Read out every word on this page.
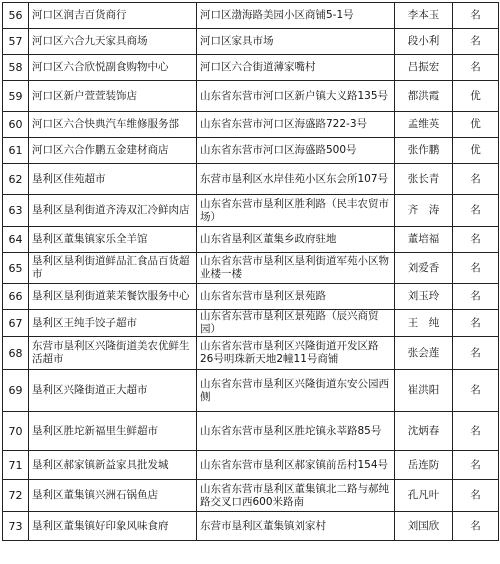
56	河口区润吉百货商行	河口区渤海路美园小区商铺5-1号	李本玉	名
57	河口区六合九天家具商场	河口区家具市场	段小利	名
58	河口区六合欣悦副食购物中心	河口区六合街道薄家嘴村	吕振宏	名
59	河口区新户萱萱装饰店	山东省东营市河口区新户镇大义路135号	都洪霞	优
60	河口区六合快典汽车维修服务部	山东省东营市河口区海盛路722-3号	孟维英	优
61	河口区六合作鹏五金建材商店	山东省东营市河口区海盛路500号	张作鹏	优
62	垦利区佳苑超市	东营市垦利区水岸佳苑小区东会所107号	张长青	名
63	垦利区垦利街道齐涛双汇冷鲜肉店	山东省东营市垦利区胜利路（民丰农贸市场）	齐　涛	名
64	垦利区董集镇家乐全羊馆	山东省垦利区董集乡政府驻地	董培福	名
65	垦利区垦利街道鲜品汇食品百货超市	山东省东营市垦利区垦利街道军苑小区物业楼一楼	刘爱香	名
66	垦利区垦利街道莱茉餐饮服务中心	山东省东营市垦利区景苑路	刘玉玲	名
67	垦利区王纯手饺子超市	山东省东营市垦利区景苑路（辰兴商贸园）	王　纯	名
68	东营市垦利区兴隆街道美农优鲜生活超市	山东省东营市垦利区兴隆街道开发区路26号明珠新天地2幢11号商铺	张会莲	名
69	垦利区兴隆街道正大超市	山东省东营市垦利区兴隆街道东安公园西侧	崔洪阳	名
70	垦利区胜坨新福里生鲜超市	山东省东营市垦利区胜坨镇永莘路85号	沈炳春	名
71	垦利区郝家镇新益家具批发城	山东省东营市垦利区郝家镇前岳村154号	岳连防	名
72	垦利区董集镇兴洲石锅鱼店	山东省东营市垦利区董集镇北二路与郝纯路交叉口西600米路南	孔凡叶	名
73	垦利区董集镇好印象风味食府	东营市垦利区董集镇刘家村	刘国欣	名
